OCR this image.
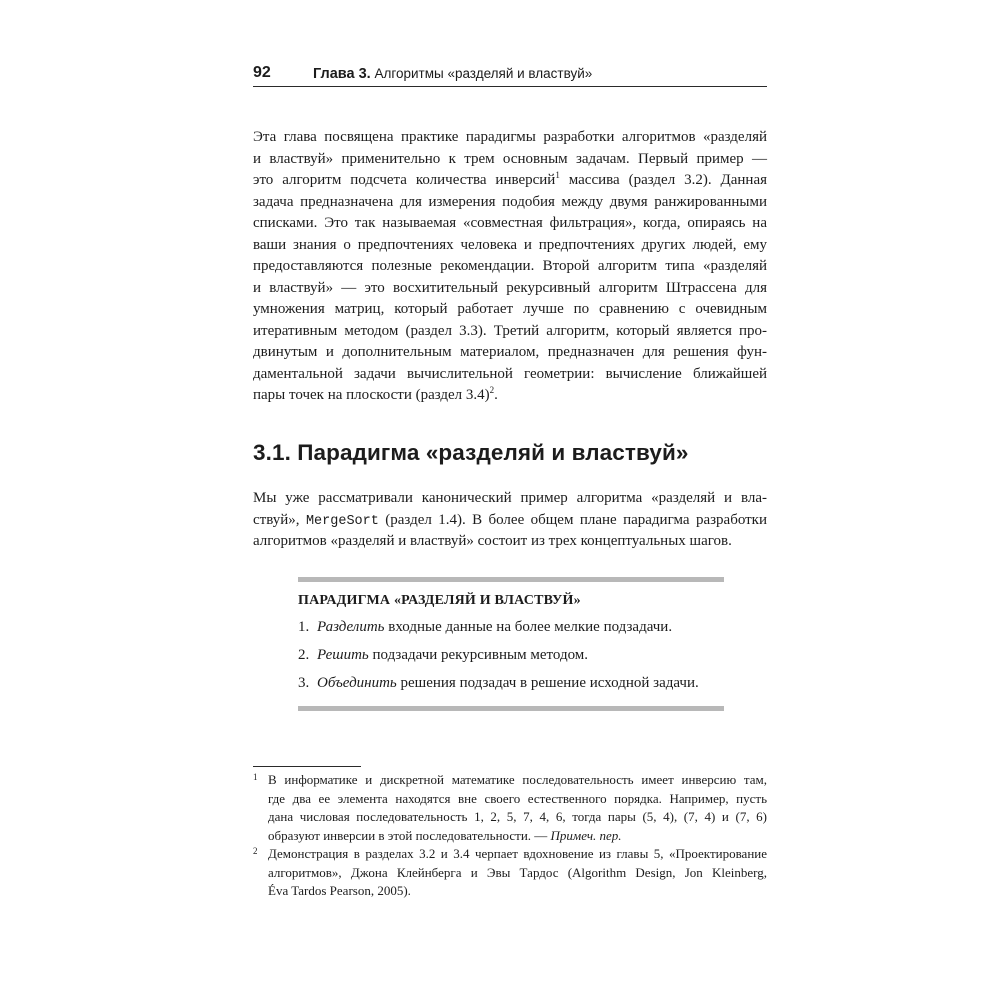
92	Глава 3. Алгоритмы «разделяй и властвуй»
Эта глава посвящена практике парадигмы разработки алгоритмов «разделяй
и властвуй» применительно к трем основным задачам. Первый пример —
это алгоритм подсчета количества инверсий$^1$ массива (раздел 3.2). Данная
задача предназначена для измерения подобия между двумя ранжированными
списками. Это так называемая «совместная фильтрация», когда, опираясь на
ваши знания о предпочтениях человека и предпочтениях других людей, ему
предоставляются полезные рекомендации. Второй алгоритм типа «разделяй
и властвуй» — это восхитительный рекурсивный алгоритм Штрассена для
умножения матриц, который работает лучше по сравнению с очевидным
итеративным методом (раздел 3.3). Третий алгоритм, который является про-
двинутым и дополнительным материалом, предназначен для решения фун-
даментальной задачи вычислительной геометрии: вычисление ближайшей
пары точек на плоскости (раздел 3.4)$^2$.
3.1. Парадигма «разделяй и властвуй»
Мы уже рассматривали канонический пример алгоритма «разделяй и вла-
ствуй», MergeSort (раздел 1.4). В более общем плане парадигма разработки
алгоритмов «разделяй и властвуй» состоит из трех концептуальных шагов.
ПАРАДИГМА «РАЗДЕЛЯЙ И ВЛАСТВУЙ»
1. Разделить входные данные на более мелкие подзадачи.
2. Решить подзадачи рекурсивным методом.
3. Объединить решения подзадач в решение исходной задачи.
1 В информатике и дискретной математике последовательность имеет инверсию там,
где два ее элемента находятся вне своего естественного порядка. Например, пусть
дана числовая последовательность 1, 2, 5, 7, 4, 6, тогда пары (5, 4), (7, 4) и (7, 6)
образуют инверсии в этой последовательности. — Примеч. пер.
2 Демонстрация в разделах 3.2 и 3.4 черпает вдохновение из главы 5, «Проектирование
алгоритмов», Джона Клейнберга и Эвы Тардос (Algorithm Design, Jon Kleinberg,
Éva Tardos Pearson, 2005).
